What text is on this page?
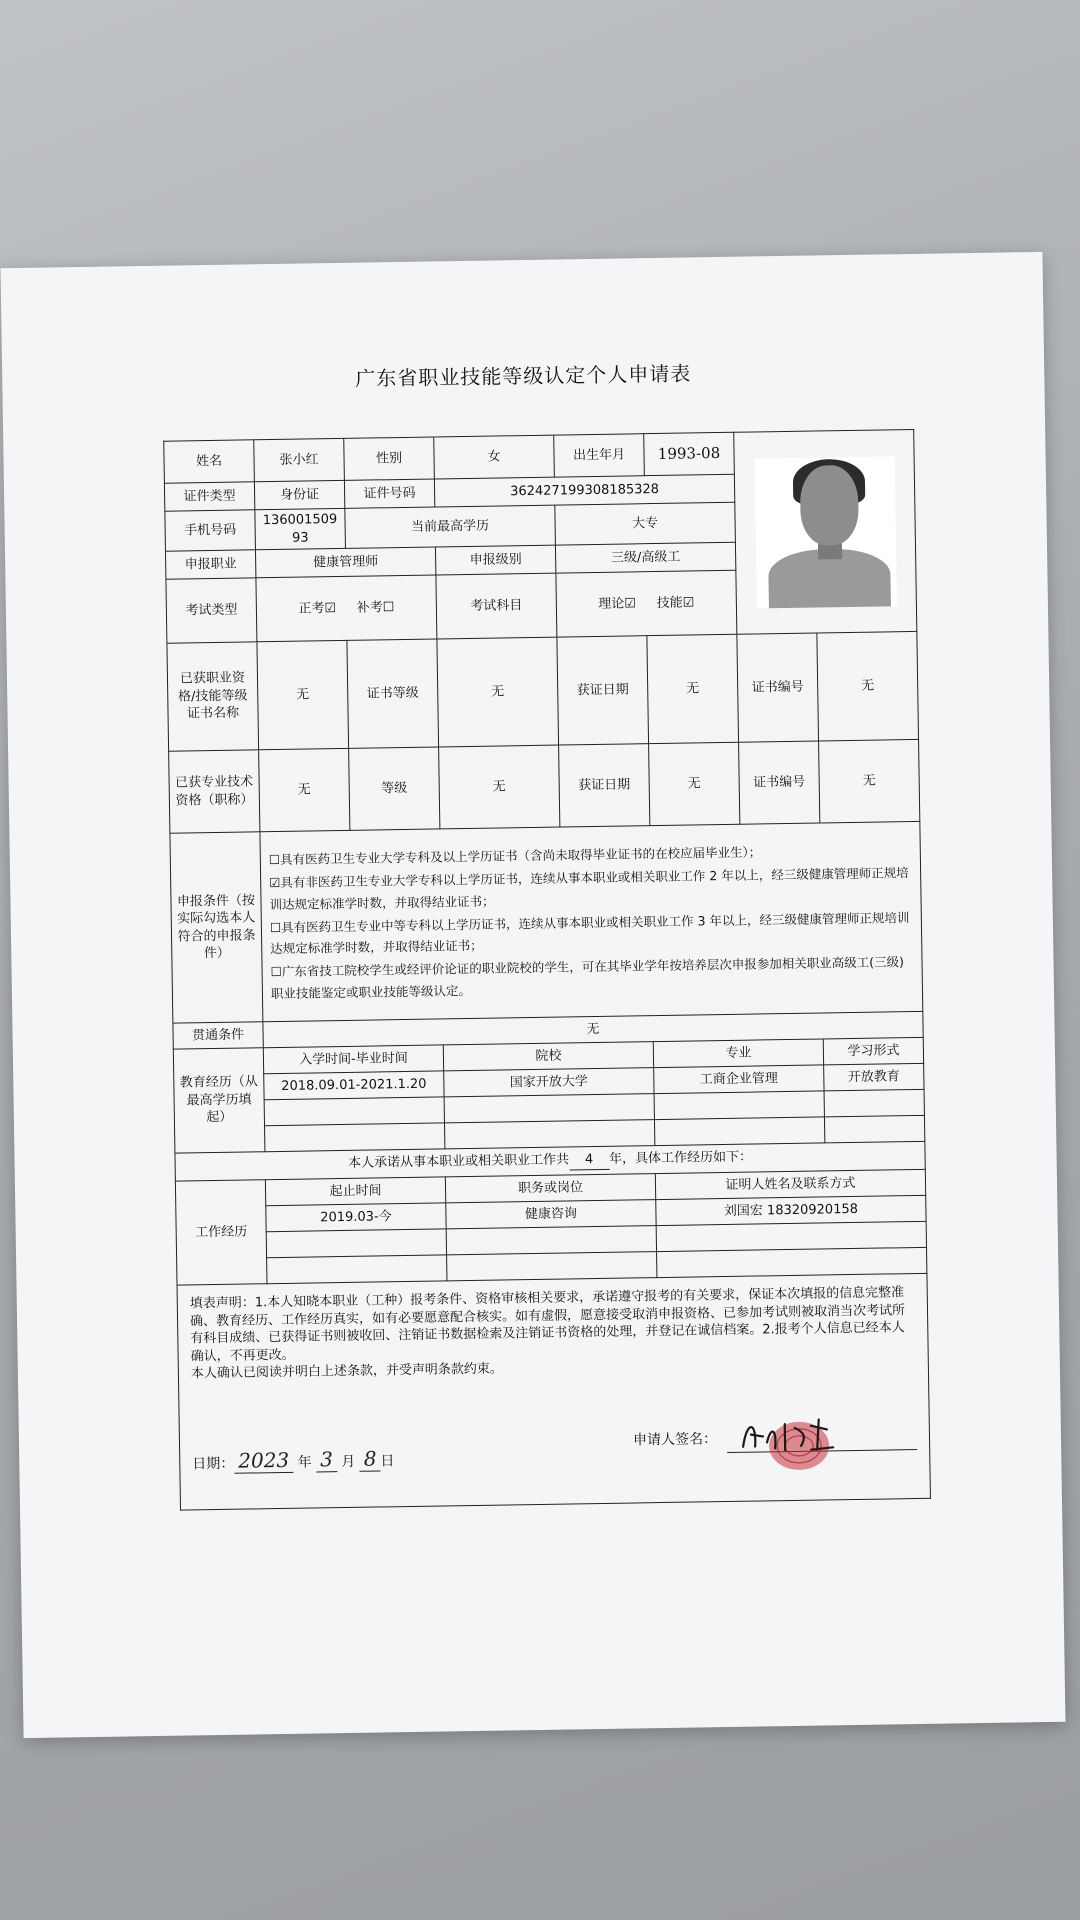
广东省职业技能等级认定个人申请表
姓名	张小红	性别	女	出生年月	1993-08		

证件类型	身份证	证件号码	362427199308185328				
手机号码	13600150993	当前最高学历		大专			
申报职业	健康管理师		申报级别	三级/高级工			
考试类型	正考☑ 补考☐		考试科目	理论☑ 技能☑			
已获职业资格/技能等级证书名称	无	证书等级	无	获证日期	无	证书编号	无
已获专业技术资格（职称）	无	等级	无	获证日期	无	证书编号	无
申报条件（按实际勾选本人符合的申报条件）	☐具有医药卫生专业大学专科及以上学历证书（含尚未取得毕业证书的在校应届毕业生）；
☑具有非医药卫生专业大学专科以上学历证书，连续从事本职业或相关职业工作 2 年以上，经三级健康管理师正规培训达规定标准学时数，并取得结业证书；
☐具有医药卫生专业中等专科以上学历证书，连续从事本职业或相关职业工作 3 年以上，经三级健康管理师正规培训达规定标准学时数，并取得结业证书；
☐广东省技工院校学生或经评价论证的职业院校的学生，可在其毕业学年按培养层次申报参加相关职业高级工(三级)职业技能鉴定或职业技能等级认定。						

贯通条件	无						
教育经历（从最高学历填起）	入学时间-毕业时间		院校		专业		学习形式
	2018.09.01-2021.1.20		国家开放大学		工商企业管理		开放教育

本人承诺从事本职业或相关职业工作共 4 年，具体工作经历如下：							
工作经历	起止时间		职务或岗位		证明人姓名及联系方式		
	2019.03-今		健康咨询		刘国宏 18320920158		

填表声明：1.本人知晓本职业（工种）报考条件、资格审核相关要求，承诺遵守报考的有关要求，保证本次填报的信息完整准确、教育经历、工作经历真实，如有必要愿意配合核实。如有虚假，愿意接受取消申报资格、已参加考试则被取消当次考试所有科目成绩、已获得证书则被收回、注销证书数据检索及注销证书资格的处理，并登记在诚信档案。2.报考个人信息已经本人确认，不再更改。
本人确认已阅读并明白上述条款，并受声明条款约束。
日期： 2023 年 3 月 8 日
申请人签名：							
